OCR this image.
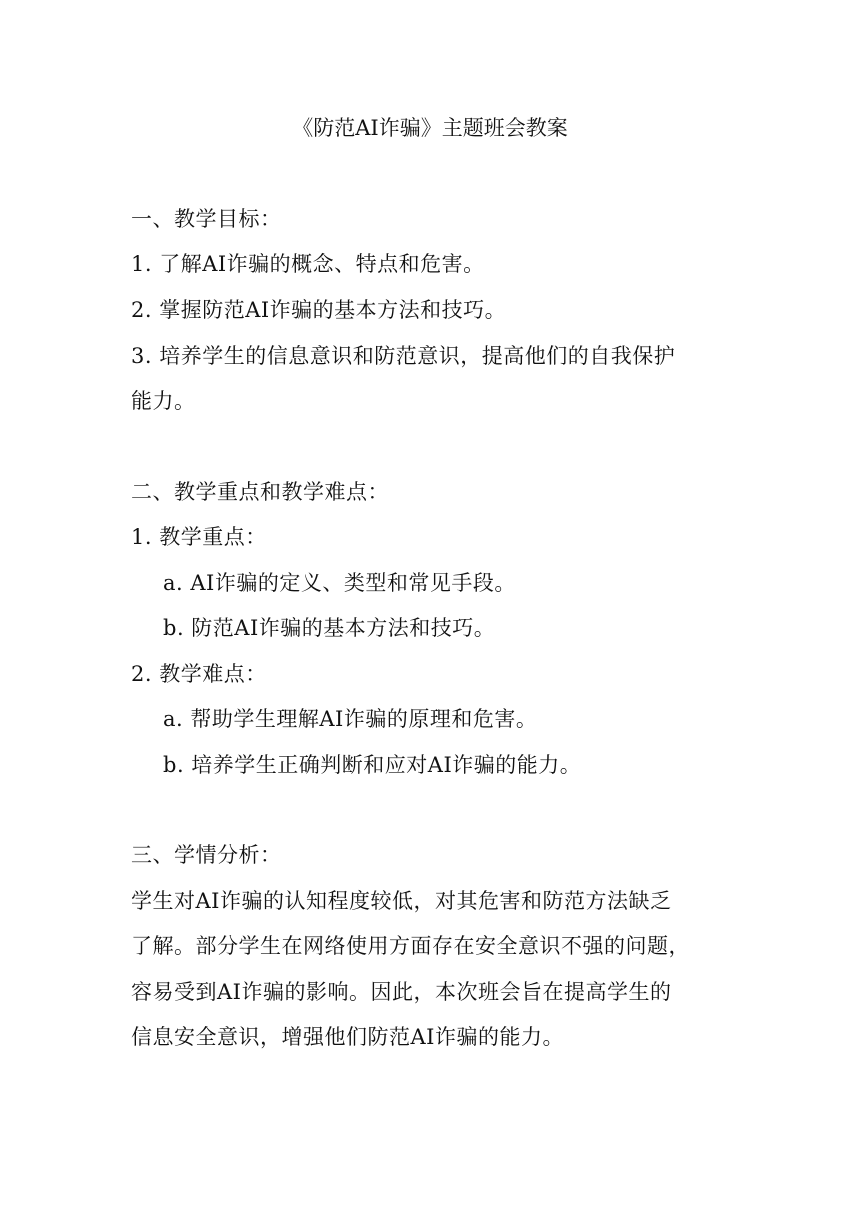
《防范AI诈骗》主题班会教案
一、教学目标：
1. 了解AI诈骗的概念、特点和危害。
2. 掌握防范AI诈骗的基本方法和技巧。
3. 培养学生的信息意识和防范意识，提高他们的自我保护
能力。
二、教学重点和教学难点：
1. 教学重点：
a. AI诈骗的定义、类型和常见手段。
b. 防范AI诈骗的基本方法和技巧。
2. 教学难点：
a. 帮助学生理解AI诈骗的原理和危害。
b. 培养学生正确判断和应对AI诈骗的能力。
三、学情分析：
学生对AI诈骗的认知程度较低，对其危害和防范方法缺乏
了解。部分学生在网络使用方面存在安全意识不强的问题，
容易受到AI诈骗的影响。因此，本次班会旨在提高学生的
信息安全意识，增强他们防范AI诈骗的能力。
